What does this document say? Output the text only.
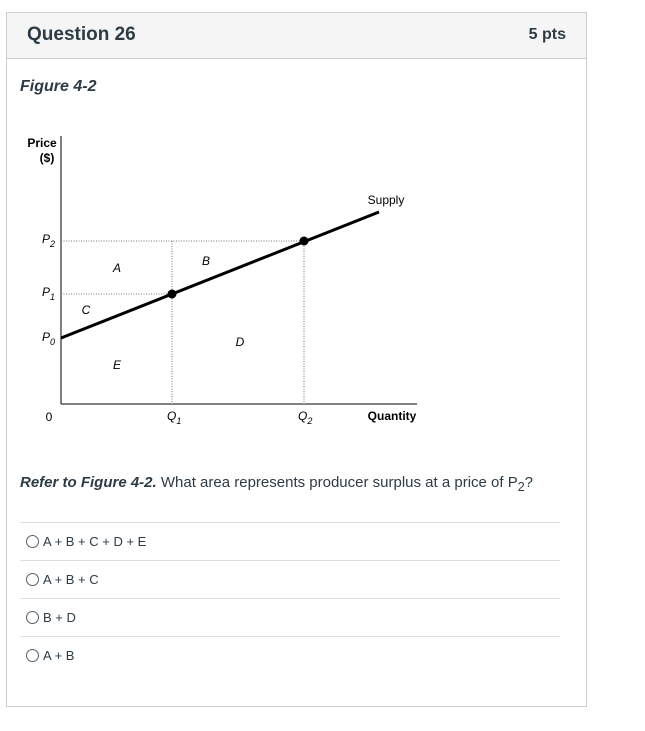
Question 26	5 pts
Figure 4-2
Price
($)
Quantity
0
Supply
$P_2$
$P_1$
$P_0$
$Q_1$	$Q_2$
A	B
C
D
E
Refer to Figure 4-2. What area represents producer surplus at a price of $P_2$?
A + B + C + D + E
A + B + C
B + D
A + B
